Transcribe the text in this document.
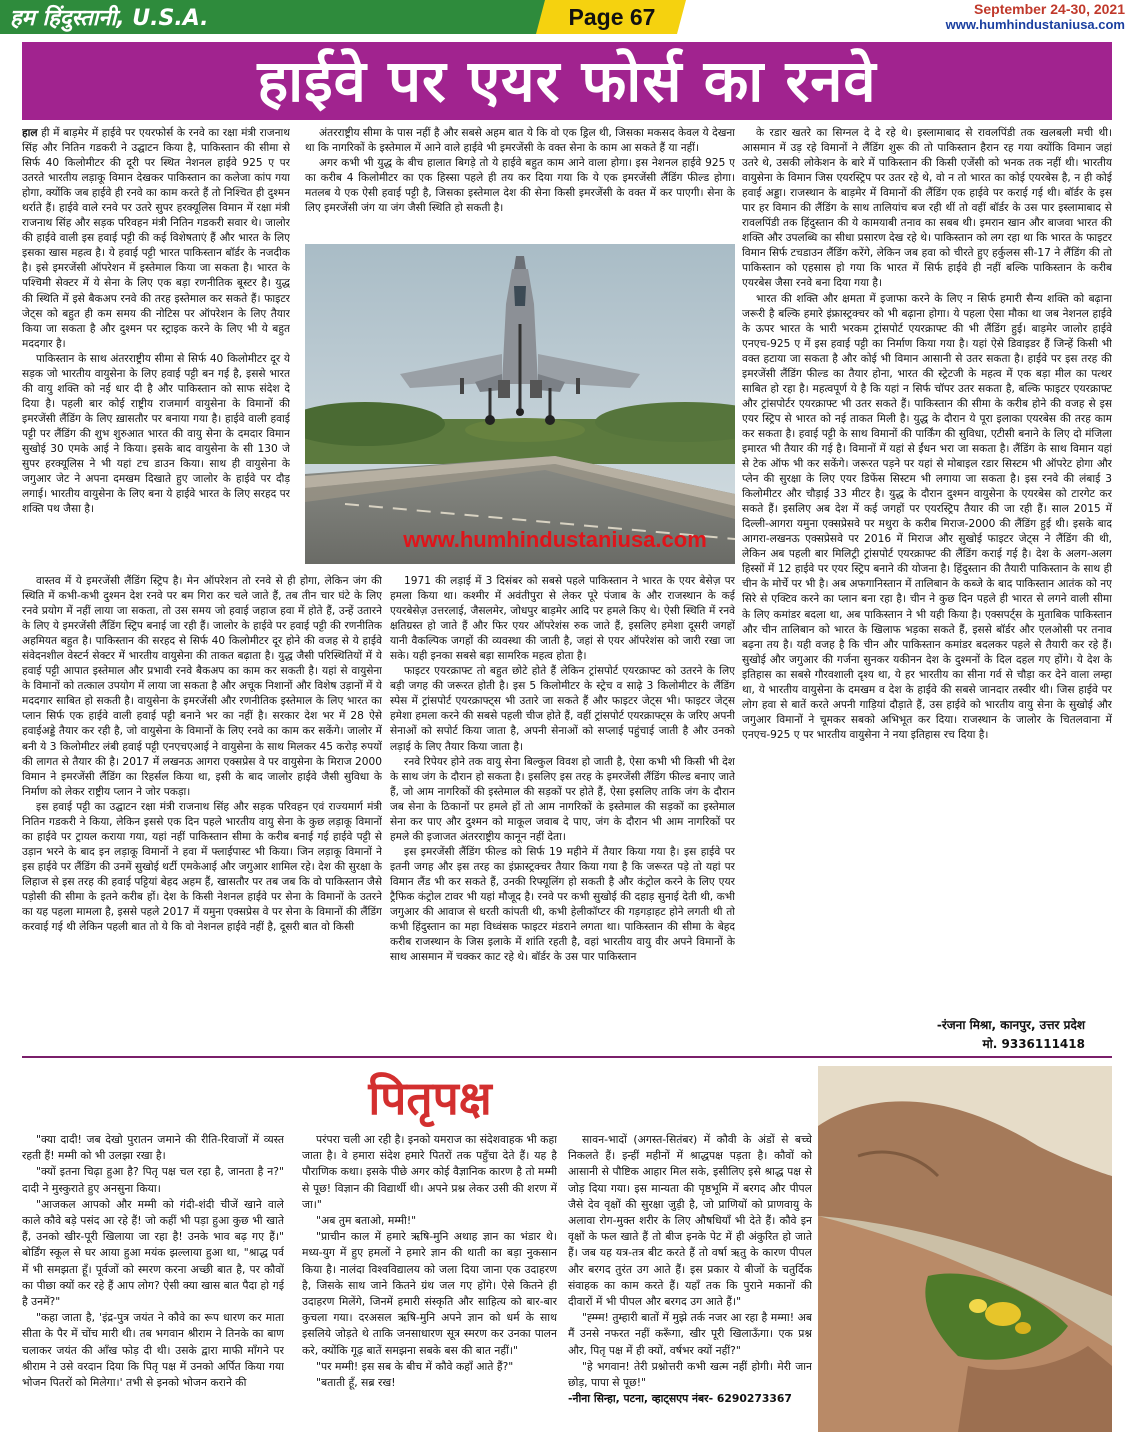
हम हिंदुस्तानी, U.S.A.	Page 67	September 24-30, 2021
www.humhindustaniusa.com
हाईवे पर एयर फोर्स का रनवे

हाल ही में बाड़मेर में हाईवे पर एयरफोर्स के रनवे का रक्षा मंत्री राजनाथ सिंह और नितिन गडकरी ने उद्घाटन किया है, पाकिस्तान की सीमा से सिर्फ 40 किलोमीटर की दूरी पर स्थित नेशनल हाईवे 925 ए पर उतरते भारतीय लड़ाकू विमान देखकर पाकिस्तान का कलेजा कांप गया होगा, क्योंकि जब हाईवे ही रनवे का काम करते हैं तो निश्चित ही दुश्मन थर्राते हैं। हाईवे वाले रनवे पर उतरे सुपर हरक्यूलिस विमान में रक्षा मंत्री राजनाथ सिंह और सड़क परिवहन मंत्री नितिन गडकरी सवार थे। जालोर की हाईवे वाली इस हवाई पट्टी की कई विशेषताएं हैं और भारत के लिए इसका खास महत्व है। ये हवाई पट्टी भारत पाकिस्तान बॉर्डर के नजदीक है। इसे इमरजेंसी ऑपरेशन में इस्तेमाल किया जा सकता है। भारत के पश्चिमी सेक्टर में ये सेना के लिए एक बड़ा रणनीतिक बूस्टर है। युद्ध की स्थिति में इसे बैकअप रनवे की तरह इस्तेमाल कर सकते हैं। फाइटर जेट्स को बहुत ही कम समय की नोटिस पर ऑपरेशन के लिए तैयार किया जा सकता है और दुश्मन पर स्ट्राइक करने के लिए भी ये बहुत मददगार है।

पाकिस्तान के साथ अंतरराष्ट्रीय सीमा से सिर्फ 40 किलोमीटर दूर ये सड़क जो भारतीय वायुसेना के लिए हवाई पट्टी बन गई है, इससे भारत की वायु शक्ति को नई धार दी है और पाकिस्तान को साफ संदेश दे दिया है। पहली बार कोई राष्ट्रीय राजमार्ग वायुसेना के विमानों की इमरजेंसी लैंडिंग के लिए ख़ासतौर पर बनाया गया है। हाईवे वाली हवाई पट्टी पर लैंडिंग की शुभ शुरुआत भारत की वायु सेना के दमदार विमान सुखोई 30 एमके आई ने किया। इसके बाद वायुसेना के सी 130 जे सुपर हरक्यूलिस ने भी यहां टच डाउन किया। साथ ही वायुसेना के जगुआर जेट ने अपना दमखम दिखाते हुए जालोर के हाईवे पर दौड़ लगाई। भारतीय वायुसेना के लिए बना ये हाईवे भारत के लिए सरहद पर शक्ति पथ जैसा है।

अंतरराष्ट्रीय सीमा के पास नहीं है और सबसे अहम बात ये कि वो एक ड्रिल थी, जिसका मकसद केवल ये देखना था कि नागरिकों के इस्तेमाल में आने वाले हाईवे भी इमरजेंसी के वक्त सेना के काम आ सकते हैं या नहीं।

अगर कभी भी युद्ध के बीच हालात बिगड़े तो ये हाईवे बहुत काम आने वाला होगा। इस नेशनल हाईवे 925 ए का करीब 4 किलोमीटर का एक हिस्सा पहले ही तय कर दिया गया कि ये एक इमरजेंसी लैंडिंग फील्ड होगा। मतलब ये एक ऐसी हवाई पट्टी है, जिसका इस्तेमाल देश की सेना किसी इमरजेंसी के वक्त में कर पाएगी। सेना के लिए इमरजेंसी जंग या जंग जैसी स्थिति हो सकती है।

के रडार खतरे का सिग्नल दे दे रहे थे। इस्लामाबाद से रावलपिंडी तक खलबली मची थी।आसमान में उड़ रहे विमानों ने लैंडिंग शुरू की तो पाकिस्तान हैरान रह गया क्योंकि विमान जहां उतरे थे, उसकी लोकेशन के बारे में पाकिस्तान की किसी एजेंसी को भनक तक नहीं थी। भारतीय वायुसेना के विमान जिस एयरस्ट्रिप पर उतर रहे थे, वो न तो भारत का कोई एयरबेस है, न ही कोई हवाई अड्डा। राजस्थान के बाड़मेर में विमानों की लैंडिंग एक हाईवे पर कराई गई थी। बॉर्डर के इस पार हर विमान की लैंडिंग के साथ तालियांच बज रही थीं तो वहीं बॉर्डर के उस पार इस्लामाबाद से रावलपिंडी तक हिंदुस्तान की ये कामयाबी तनाव का सबब थी। इमरान खान और बाजवा भारत की शक्ति और उपलब्धि का सीधा प्रसारण देख रहे थे। पाकिस्तान को लग रहा था कि भारत के फाइटर विमान सिर्फ टचडाउन लैंडिंग करेंगे, लेकिन जब हवा को चीरते हुए हर्कुलस सी-17 ने लैंडिंग की तो पाकिस्तान को एहसास हो गया कि भारत में सिर्फ हाईवे ही नहीं बल्कि पाकिस्तान के करीब एयरबेस जैसा रनवे बना दिया गया है।

भारत की शक्ति और क्षमता में इजाफा करने के लिए न सिर्फ हमारी सैन्य शक्ति को बढ़ाना जरूरी है बल्कि हमारे इंफ्रास्ट्रक्चर को भी बढ़ाना होगा। ये पहला ऐसा मौका था जब नेशनल हाईवे के ऊपर भारत के भारी भरकम ट्रांसपोर्ट एयरक्राफ्ट की भी लैंडिंग हुई। बाड़मेर जालोर हाईवे एनएच-925 ए में इस हवाई पट्टी का निर्माण किया गया है। यहां ऐसे डिवाइडर हैं जिन्हें किसी भी वक्त हटाया जा सकता है और कोई भी विमान आसानी से उतर सकता है। हाईवे पर इस तरह की इमरजेंसी लैंडिंग फील्ड का तैयार होना, भारत की स्ट्रेटजी के महत्व में एक बड़ा मील का पत्थर साबित हो रहा है। महत्वपूर्ण ये है कि यहां न सिर्फ चॉपर उतर सकता है, बल्कि फाइटर एयरक्राफ्ट और ट्रांसपोर्टर एयरक्राफ्ट भी उतर सकते हैं। पाकिस्तान की सीमा के करीब होने की वजह से इस एयर स्ट्रिप से भारत को नई ताकत मिली है। युद्ध के दौरान ये पूरा इलाका एयरबेस की तरह काम कर सकता है। हवाई पट्टी के साथ विमानों की पार्किंग की सुविधा, एटीसी बनाने के लिए दो मंजिला इमारत भी तैयार की गई है। विमानों में यहां से ईंधन भरा जा सकता है। लैंडिंग के साथ विमान यहां से टेक ऑफ भी कर सकेंगे। जरूरत पड़ने पर यहां से मोबाइल रडार सिस्टम भी ऑपरेट होगा और प्लेन की सुरक्षा के लिए एयर डिफेंस सिस्टम भी लगाया जा सकता है। इस रनवे की लंबाई 3 किलोमीटर और चौड़ाई 33 मीटर है। युद्ध के दौरान दुश्मन वायुसेना के एयरबेस को टारगेट कर सकते हैं। इसलिए अब देश में कई जगहों पर एयरस्ट्रिप तैयार की जा रही हैं। साल 2015 में दिल्ली-आगरा यमुना एक्सप्रेसवे पर मथुरा के करीब मिराज-2000 की लैंडिंग हुई थी। इसके बाद आगरा-लखनऊ एक्सप्रेसवे पर 2016 में मिराज और सुखोई फाइटर जेट्स ने लैंडिंग की थी, लेकिन अब पहली बार मिलिट्री ट्रांसपोर्ट एयरक्राफ्ट की लैंडिंग कराई गई है। देश के अलग-अलग हिस्सों में 12 हाईवे पर एयर स्ट्रिप बनाने की योजना है। हिंदुस्तान की तैयारी पाकिस्तान के साथ ही चीन के मोर्चे पर भी है। अब अफगानिस्तान में तालिबान के कब्जे के बाद पाकिस्तान आतंक को नए सिरे से एक्टिव करने का प्लान बना रहा है। चीन ने कुछ दिन पहले ही भारत से लगने वाली सीमा के लिए कमांडर बदला था, अब पाकिस्तान ने भी यही किया है। एक्सपर्ट्स के मुताबिक पाकिस्तान और चीन तालिबान को भारत के खिलाफ भड़का सकते हैं, इससे बॉर्डर और एलओसी पर तनाव बढ़ना तय है। यही वजह है कि चीन और पाकिस्तान कमांडर बदलकर पहले से तैयारी कर रहे हैं। सुखोई और जगुआर की गर्जना सुनकर यकीनन देश के दुश्मनों के दिल दहल गए होंगे। ये देश के इतिहास का सबसे गौरवशाली दृश्य था, ये हर भारतीय का सीना गर्व से चौड़ा कर देने वाला लम्हा था, ये भारतीय वायुसेना के दमखम व देश के हाईवे की सबसे जानदार तस्वीर थी। जिस हाईवे पर लोग हवा से बातें करते अपनी गाड़ियां दौड़ाते हैं, उस हाईवे को भारतीय वायु सेना के सुखोई और जगुआर विमानों ने चूमकर सबको अभिभूत कर दिया। राजस्थान के जालोर के चितलवाना में एनएच-925 ए पर भारतीय वायुसेना ने नया इतिहास रच दिया है।

www.humhindustaniusa.com

वास्तव में ये इमरजेंसी लैंडिंग स्ट्रिप है। मेन ऑपरेशन तो रनवे से ही होगा, लेकिन जंग की स्थिति में कभी-कभी दुश्मन देश रनवे पर बम गिरा कर चले जाते हैं, तब तीन चार घंटे के लिए रनवे प्रयोग में नहीं लाया जा सकता, तो उस समय जो हवाई जहाज हवा में होते हैं, उन्हें उतारने के लिए ये इमरजेंसी लैंडिंग स्ट्रिप बनाई जा रही हैं। जालोर के हाईवे पर हवाई पट्टी की रणनीतिक अहमियत बहुत है। पाकिस्तान की सरहद से सिर्फ 40 किलोमीटर दूर होने की वजह से ये हाईवे संवेदनशील वेस्टर्न सेक्टर में भारतीय वायुसेना की ताकत बढ़ाता है। युद्ध जैसी परिस्थितियों में ये हवाई पट्टी आपात इस्तेमाल और प्रभावी रनवे बैकअप का काम कर सकती है। यहां से वायुसेना के विमानों को तत्काल उपयोग में लाया जा सकता है और अचूक निशानों और विशेष उड़ानों में ये मददगार साबित हो सकती है। वायुसेना के इमरजेंसी और रणनीतिक इस्तेमाल के लिए भारत का प्लान सिर्फ एक हाईवे वाली हवाई पट्टी बनाने भर का नहीं है। सरकार देश भर में 28 ऐसे हवाईअड्डे तैयार कर रही है, जो वायुसेना के विमानों के लिए रनवे का काम कर सकेंगे। जालोर में बनी ये 3 किलोमीटर लंबी हवाई पट्टी एनएचएआई ने वायुसेना के साथ मिलकर 45 करोड़ रुपयों की लागत से तैयार की है। 2017 में लखनऊ आगरा एक्सप्रेस वे पर वायुसेना के मिराज 2000 विमान ने इमरजेंसी लैंडिंग का रिहर्सल किया था, इसी के बाद जालोर हाईवे जैसी सुविधा के निर्माण को लेकर राष्ट्रीय प्लान ने जोर पकड़ा।

इस हवाई पट्टी का उद्घाटन रक्षा मंत्री राजनाथ सिंह और सड़क परिवहन एवं राज्यमार्ग मंत्री नितिन गडकरी ने किया, लेकिन इससे एक दिन पहले भारतीय वायु सेना के कुछ लड़ाकू विमानों का हाईवे पर ट्रायल कराया गया, यहां नहीं पाकिस्तान सीमा के करीब बनाई गई हाईवे पट्टी से उड़ान भरने के बाद इन लड़ाकू विमानों ने हवा में फ्लाईपास्ट भी किया। जिन लड़ाकू विमानों ने इस हाईवे पर लैंडिंग की उनमें सुखोई थर्टी एमकेआई और जगुआर शामिल रहे। देश की सुरक्षा के लिहाज से इस तरह की हवाई पट्टियां बेहद अहम हैं, खासतौर पर तब जब कि वो पाकिस्तान जैसे पड़ोसी की सीमा के इतने करीब हों। देश के किसी नेशनल हाईवे पर सेना के विमानों के उतरने का यह पहला मामला है, इससे पहले 2017 में यमुना एक्सप्रेस वे पर सेना के विमानों की लैंडिंग करवाई गई थी लेकिन पहली बात तो ये कि वो नेशनल हाईवे नहीं है, दूसरी बात वो किसी

1971 की लड़ाई में 3 दिसंबर को सबसे पहले पाकिस्तान ने भारत के एयर बेसेज़ पर हमला किया था। कश्मीर में अवंतीपुरा से लेकर पूरे पंजाब के और राजस्थान के कई एयरबेसेज़ उत्तरलाई, जैसलमेर, जोधपुर बाड़मेर आदि पर हमले किए थे। ऐसी स्थिति में रनवे क्षतिग्रस्त हो जाते हैं और फिर एयर ऑपरेशंस रुक जाते हैं, इसलिए हमेशा दूसरी जगहों यानी वैकल्पिक जगहों की व्यवस्था की जाती है, जहां से एयर ऑपरेशंस को जारी रखा जा सके। यही इनका सबसे बड़ा सामरिक महत्व होता है।

फाइटर एयरक्राफ्ट तो बहुत छोटे होते हैं लेकिन ट्रांसपोर्ट एयरक्राफ्ट को उतरने के लिए बड़ी जगह की जरूरत होती है। इस 5 किलोमीटर के स्ट्रेच व साढ़े 3 किलोमीटर के लैंडिंग स्पेस में ट्रांसपोर्ट एयरक्राफ्ट्स भी उतारे जा सकते हैं और फाइटर जेट्स भी। फाइटर जेट्स हमेशा हमला करने की सबसे पहली चीज होते हैं, वहीं ट्रांसपोर्ट एयरक्राफ्ट्स के जरिए अपनी सेनाओं को सपोर्ट किया जाता है, अपनी सेनाओं को सप्लाई पहुंचाई जाती है और उनको लड़ाई के लिए तैयार किया जाता है।

रनवे रिपेयर होने तक वायु सेना बिल्कुल विवश हो जाती है, ऐसा कभी भी किसी भी देश के साथ जंग के दौरान हो सकता है। इसलिए इस तरह के इमरजेंसी लैंडिंग फील्ड बनाए जाते हैं, जो आम नागरिकों की इस्तेमाल की सड़कों पर होते हैं, ऐसा इसलिए ताकि जंग के दौरान जब सेना के ठिकानों पर हमले हों तो आम नागरिकों के इस्तेमाल की सड़कों का इस्तेमाल सेना कर पाए और दुश्मन को माकूल जवाब दे पाए, जंग के दौरान भी आम नागरिकों पर हमले की इजाजत अंतरराष्ट्रीय कानून नहीं देता।

इस इमरजेंसी लैंडिंग फील्ड को सिर्फ 19 महीने में तैयार किया गया है। इस हाईवे पर इतनी जगह और इस तरह का इंफ्रास्ट्रक्चर तैयार किया गया है कि जरूरत पड़े तो यहां पर विमान लैंड भी कर सकते हैं, उनकी रिफ्यूलिंग हो सकती है और कंट्रोल करने के लिए एयर ट्रैफिक कंट्रोल टावर भी यहां मौजूद है। रनवे पर कभी सुखोई की दहाड़ सुनाई देती थी, कभी जगुआर की आवाज से धरती कांपती थी, कभी हेलीकॉप्टर की गड़गड़ाहट होने लगती थी तो कभी हिंदुस्तान का महा विध्वंसक फाइटर मंडराने लगता था। पाकिस्तान की सीमा के बेहद करीब राजस्थान के जिस इलाके में शांति रहती है, वहां भारतीय वायु वीर अपने विमानों के साथ आसमान में चक्कर काट रहे थे। बॉर्डर के उस पार पाकिस्तान

-रंजना मिश्रा, कानपुर, उत्तर प्रदेश
मो. 9336111418
पितृपक्ष

"क्या दादी! जब देखो पुरातन जमाने की रीति-रिवाजों में व्यस्त रहती हैं! मम्मी को भी उलझा रखा है।

"क्यों इतना चिढ़ा हुआ है? पितृ पक्ष चल रहा है, जानता है न?" दादी ने मुस्कुराते हुए अनसुना किया।

"आजकल आपको और मम्मी को गंदी-शंदी चीजें खाने वाले काले कौवे बड़े पसंद आ रहे हैं! जो कहीं भी पड़ा हुआ कुछ भी खाते हैं, उनको खीर-पूरी खिलाया जा रहा है! उनके भाव बढ़ गए हैं।" बोर्डिंग स्कूल से घर आया हुआ मयंक झल्लाया हुआ था, "श्राद्ध पर्व में भी समझता हूँ। पूर्वजों को स्मरण करना अच्छी बात है, पर कौवों का पीछा क्यों कर रहे हैं आप लोग? ऐसी क्या खास बात पैदा हो गई है उनमें?"

"कहा जाता है, 'इंद्र-पुत्र जयंत ने कौवे का रूप धारण कर माता सीता के पैर में चोंच मारी थी। तब भगवान श्रीराम ने तिनके का बाण चलाकर जयंत की आँख फोड़ दी थी। उसके द्वारा माफी माँगने पर श्रीराम ने उसे वरदान दिया कि पितृ पक्ष में उनको अर्पित किया गया भोजन पितरों को मिलेगा।' तभी से इनको भोजन कराने की

परंपरा चली आ रही है। इनको यमराज का संदेशवाहक भी कहा जाता है। वे हमारा संदेश हमारे पितरों तक पहुँचा देते हैं। यह है पौराणिक कथा। इसके पीछे अगर कोई वैज्ञानिक कारण है तो मम्मी से पूछ! विज्ञान की विद्यार्थी थी। अपने प्रश्न लेकर उसी की शरण में जा।"

"अब तुम बताओ, मम्मी!"

"प्राचीन काल में हमारे ऋषि-मुनि अथाह ज्ञान का भंडार थे। मध्य-युग में हुए हमलों ने हमारे ज्ञान की थाती का बड़ा नुकसान किया है। नालंदा विश्वविद्यालय को जला दिया जाना एक उदाहरण है, जिसके साथ जाने कितने ग्रंथ जल गए होंगे। ऐसे कितने ही उदाहरण मिलेंगे, जिनमें हमारी संस्कृति और साहित्य को बार-बार कुचला गया। दरअसल ऋषि-मुनि अपने ज्ञान को धर्म के साथ इसलिये जोड़ते थे ताकि जनसाधारण सूत्र स्मरण कर उनका पालन करे, क्योंकि गूढ़ बातें समझना सबके बस की बात नहीं।"

"पर मम्मी! इस सब के बीच में कौवे कहाँ आते हैं?"

"बताती हूँ, सब्र रख!

सावन-भादों (अगस्त-सितंबर) में कौवी के अंडों से बच्चे निकलते हैं। इन्हीं महीनों में श्राद्धपक्ष पड़ता है। कौवों को आसानी से पौष्टिक आहार मिल सके, इसीलिए इसे श्राद्ध पक्ष से जोड़ दिया गया। इस मान्यता की पृष्ठभूमि में बरगद और पीपल जैसे देव वृक्षों की सुरक्षा जुड़ी है, जो प्राणियों को प्राणवायु के अलावा रोग-मुक्त शरीर के लिए औषधियाँ भी देते हैं। कौवे इन वृक्षों के फल खाते हैं तो बीज इनके पेट में ही अंकुरित हो जाते हैं। जब यह यत्र-तत्र बीट करते हैं तो वर्षा ऋतु के कारण पीपल और बरगद तुरंत उग आते हैं। इस प्रकार ये बीजों के चतुर्दिक संवाहक का काम करते हैं। यहाँ तक कि पुराने मकानों की दीवारों में भी पीपल और बरगद उग आते हैं।"

"ह्म्म्म! तुम्हारी बातों में मुझे तर्क नजर आ रहा है मम्मा! अब मैं उनसे नफरत नहीं करूँगा, खीर पूरी खिलाऊँगा। एक प्रश्न और, पितृ पक्ष में ही क्यों, वर्षभर क्यों नहीं?"

"हे भगवान! तेरी प्रश्नोत्तरी कभी खत्म नहीं होगी। मेरी जान छोड़, पापा से पूछ!"

-नीना सिन्हा, पटना, व्हाट्सएप नंबर- 6290273367
